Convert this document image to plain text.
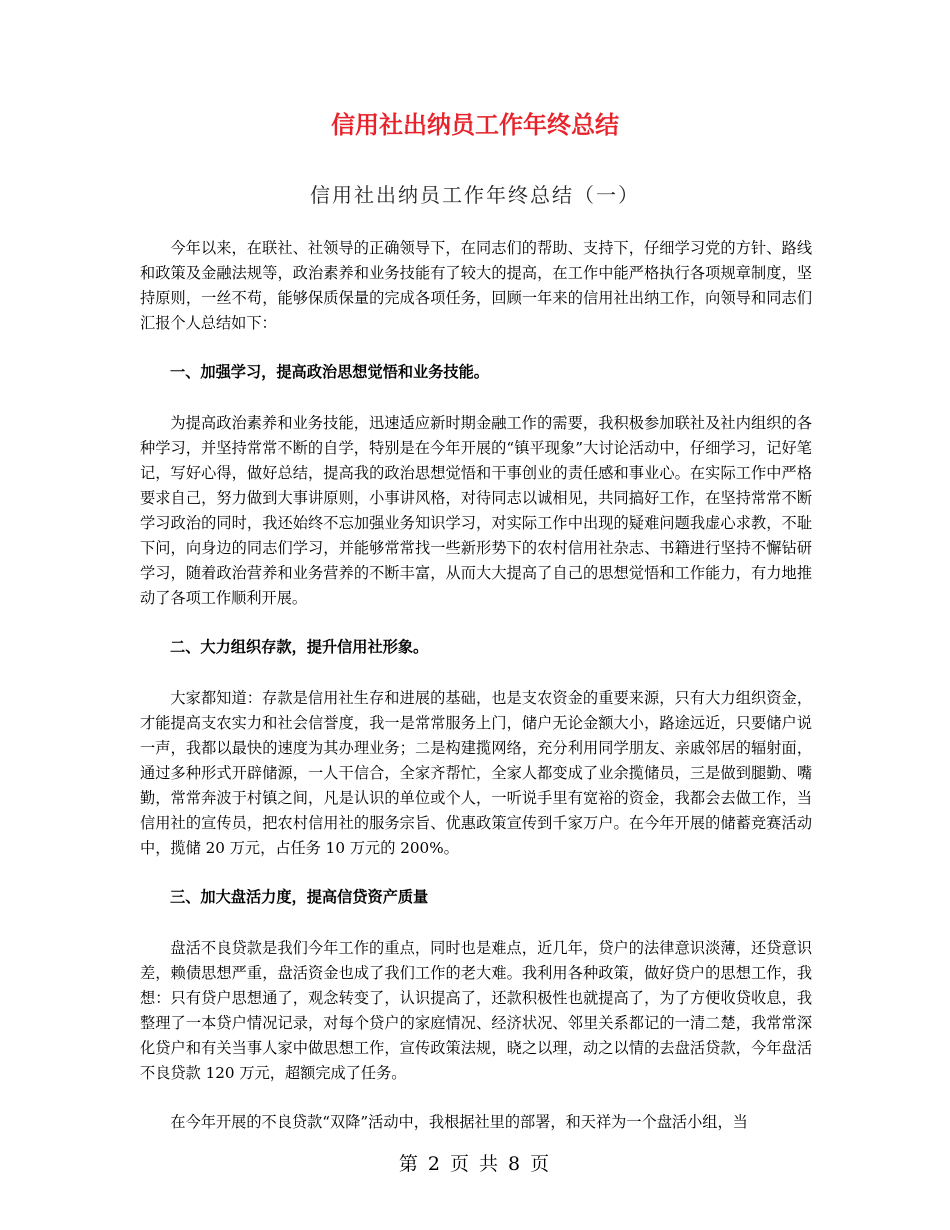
信用社出纳员工作年终总结
信用社出纳员工作年终总结（一）

今年以来，在联社、社领导的正确领导下，在同志们的帮助、支持下，仔细学习党的方针、路线和政策及金融法规等，政治素养和业务技能有了较大的提高，在工作中能严格执行各项规章制度，坚持原则，一丝不苟，能够保质保量的完成各项任务，回顾一年来的信用社出纳工作，向领导和同志们汇报个人总结如下：

一、加强学习，提高政治思想觉悟和业务技能。

为提高政治素养和业务技能，迅速适应新时期金融工作的需要，我积极参加联社及社内组织的各种学习，并坚持常常不断的自学，特别是在今年开展的“镇平现象”大讨论活动中，仔细学习，记好笔记，写好心得，做好总结，提高我的政治思想觉悟和干事创业的责任感和事业心。在实际工作中严格要求自己，努力做到大事讲原则，小事讲风格，对待同志以诚相见，共同搞好工作，在坚持常常不断学习政治的同时，我还始终不忘加强业务知识学习，对实际工作中出现的疑难问题我虚心求教，不耻下问，向身边的同志们学习，并能够常常找一些新形势下的农村信用社杂志、书籍进行坚持不懈钻研学习，随着政治营养和业务营养的不断丰富，从而大大提高了自己的思想觉悟和工作能力，有力地推动了各项工作顺利开展。

二、大力组织存款，提升信用社形象。

大家都知道：存款是信用社生存和进展的基础，也是支农资金的重要来源，只有大力组织资金，才能提高支农实力和社会信誉度，我一是常常服务上门，储户无论金额大小，路途远近，只要储户说一声，我都以最快的速度为其办理业务；二是构建揽网络，充分利用同学朋友、亲戚邻居的辐射面，通过多种形式开辟储源，一人干信合，全家齐帮忙，全家人都变成了业余揽储员，三是做到腿勤、嘴勤，常常奔波于村镇之间，凡是认识的单位或个人，一听说手里有宽裕的资金，我都会去做工作，当信用社的宣传员，把农村信用社的服务宗旨、优惠政策宣传到千家万户。在今年开展的储蓄竞赛活动中，揽储 20 万元，占任务 10 万元的 200%。

三、加大盘活力度，提高信贷资产质量

盘活不良贷款是我们今年工作的重点，同时也是难点，近几年，贷户的法律意识淡薄，还贷意识差，赖债思想严重，盘活资金也成了我们工作的老大难。我利用各种政策，做好贷户的思想工作，我想：只有贷户思想通了，观念转变了，认识提高了，还款积极性也就提高了，为了方便收贷收息，我整理了一本贷户情况记录，对每个贷户的家庭情况、经济状况、邻里关系都记的一清二楚，我常常深化贷户和有关当事人家中做思想工作，宣传政策法规，晓之以理，动之以情的去盘活贷款，今年盘活不良贷款 120 万元，超额完成了任务。

在今年开展的不良贷款“双降”活动中，我根据社里的部署，和天祥为一个盘活小组，当

第 2 页 共 8 页
